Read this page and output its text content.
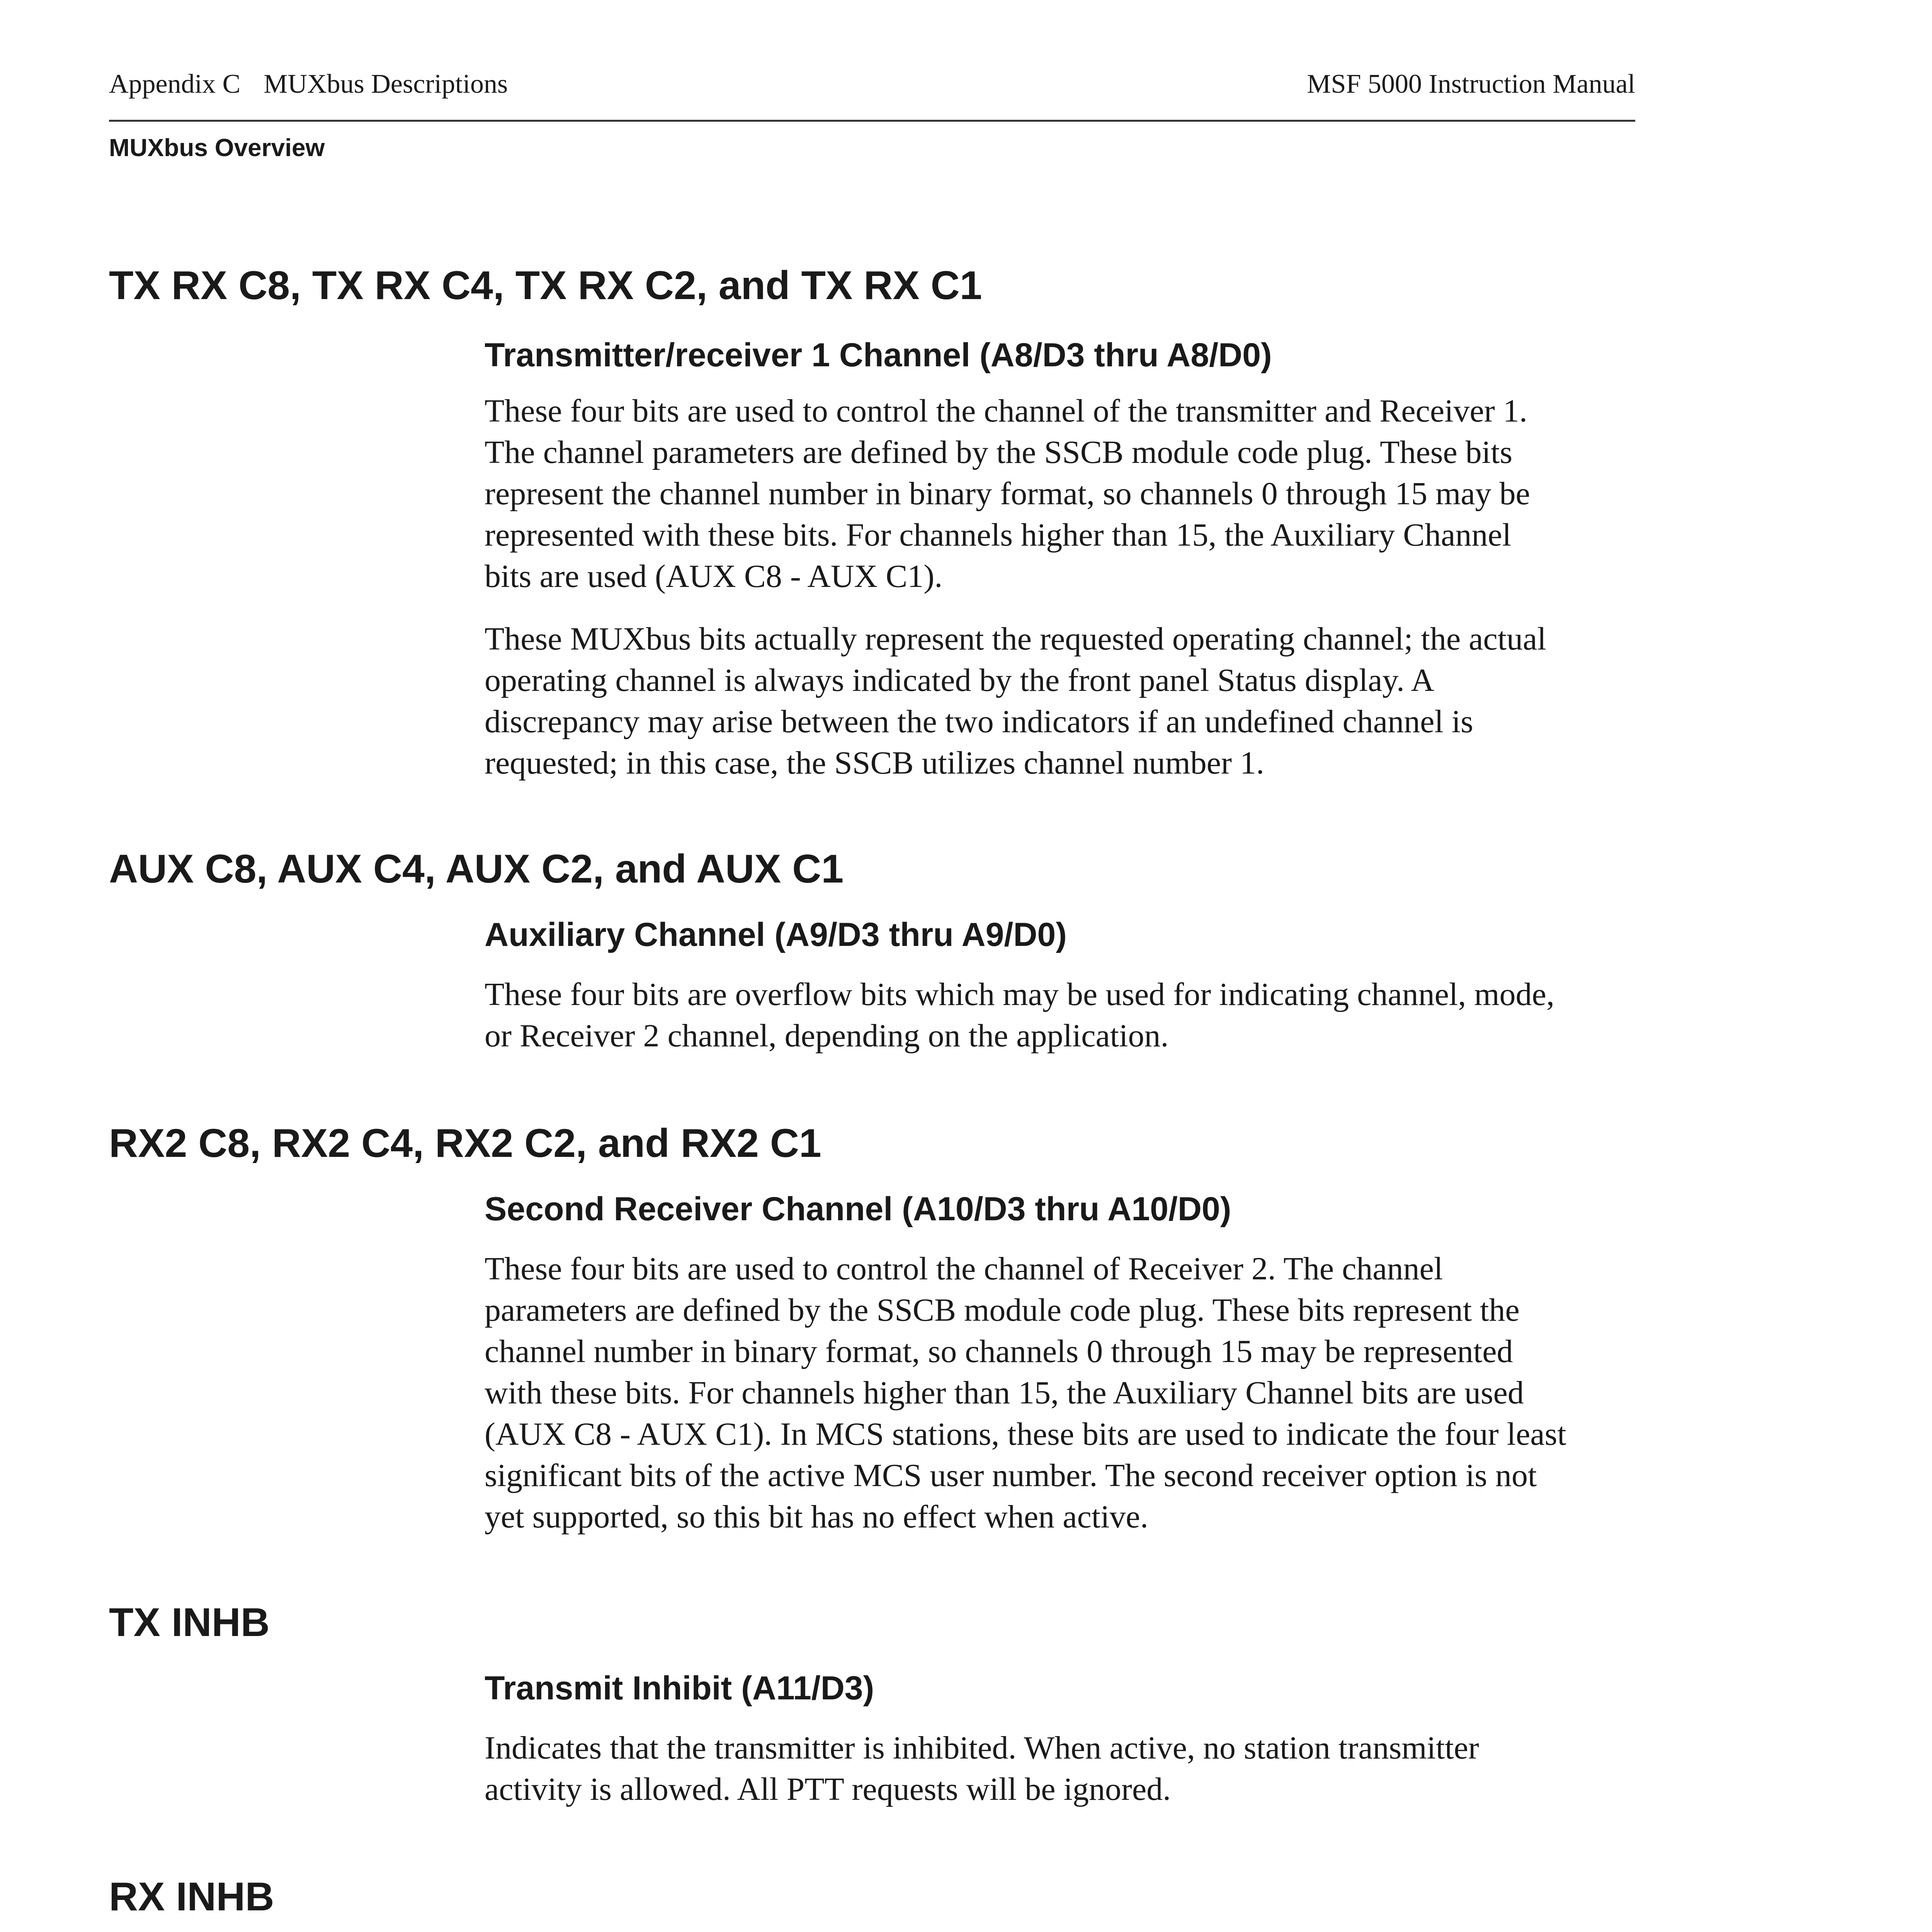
Appendix C MUXbus Descriptions	MSF 5000 Instruction Manual
MUXbus Overview
TX RX C8, TX RX C4, TX RX C2, and TX RX C1
Transmitter/receiver 1 Channel (A8/D3 thru A8/D0)
These four bits are used to control the channel of the transmitter and Receiver 1.
The channel parameters are defined by the SSCB module code plug. These bits
represent the channel number in binary format, so channels 0 through 15 may be
represented with these bits. For channels higher than 15, the Auxiliary Channel
bits are used (AUX C8 - AUX C1).
These MUXbus bits actually represent the requested operating channel; the actual
operating channel is always indicated by the front panel Status display. A
discrepancy may arise between the two indicators if an undefined channel is
requested; in this case, the SSCB utilizes channel number 1.
AUX C8, AUX C4, AUX C2, and AUX C1
Auxiliary Channel (A9/D3 thru A9/D0)
These four bits are overflow bits which may be used for indicating channel, mode,
or Receiver 2 channel, depending on the application.
RX2 C8, RX2 C4, RX2 C2, and RX2 C1
Second Receiver Channel (A10/D3 thru A10/D0)
These four bits are used to control the channel of Receiver 2. The channel
parameters are defined by the SSCB module code plug. These bits represent the
channel number in binary format, so channels 0 through 15 may be represented
with these bits. For channels higher than 15, the Auxiliary Channel bits are used
(AUX C8 - AUX C1). In MCS stations, these bits are used to indicate the four least
significant bits of the active MCS user number. The second receiver option is not
yet supported, so this bit has no effect when active.
TX INHB
Transmit Inhibit (A11/D3)
Indicates that the transmitter is inhibited. When active, no station transmitter
activity is allowed. All PTT requests will be ignored.
RX INHB
